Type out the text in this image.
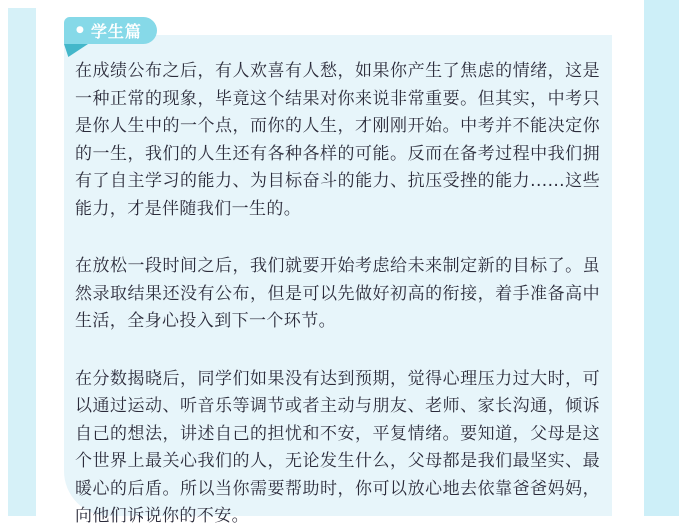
在成绩公布之后，有人欢喜有人愁，如果你产生了焦虑的情绪，这是一种正常的现象，毕竟这个结果对你来说非常重要。但其实，中考只是你人生中的一个点，而你的人生，才刚刚开始。中考并不能决定你的一生，我们的人生还有各种各样的可能。反而在备考过程中我们拥有了自主学习的能力、为目标奋斗的能力、抗压受挫的能力......这些能力，才是伴随我们一生的。

在放松一段时间之后，我们就要开始考虑给未来制定新的目标了。虽然录取结果还没有公布，但是可以先做好初高的衔接，着手准备高中生活，全身心投入到下一个环节。

在分数揭晓后，同学们如果没有达到预期，觉得心理压力过大时，可以通过运动、听音乐等调节或者主动与朋友、老师、家长沟通，倾诉自己的想法，讲述自己的担忧和不安，平复情绪。要知道，父母是这个世界上最关心我们的人，无论发生什么，父母都是我们最坚实、最暖心的后盾。所以当你需要帮助时，你可以放心地去依靠爸爸妈妈，向他们诉说你的不安。

● 学生篇
